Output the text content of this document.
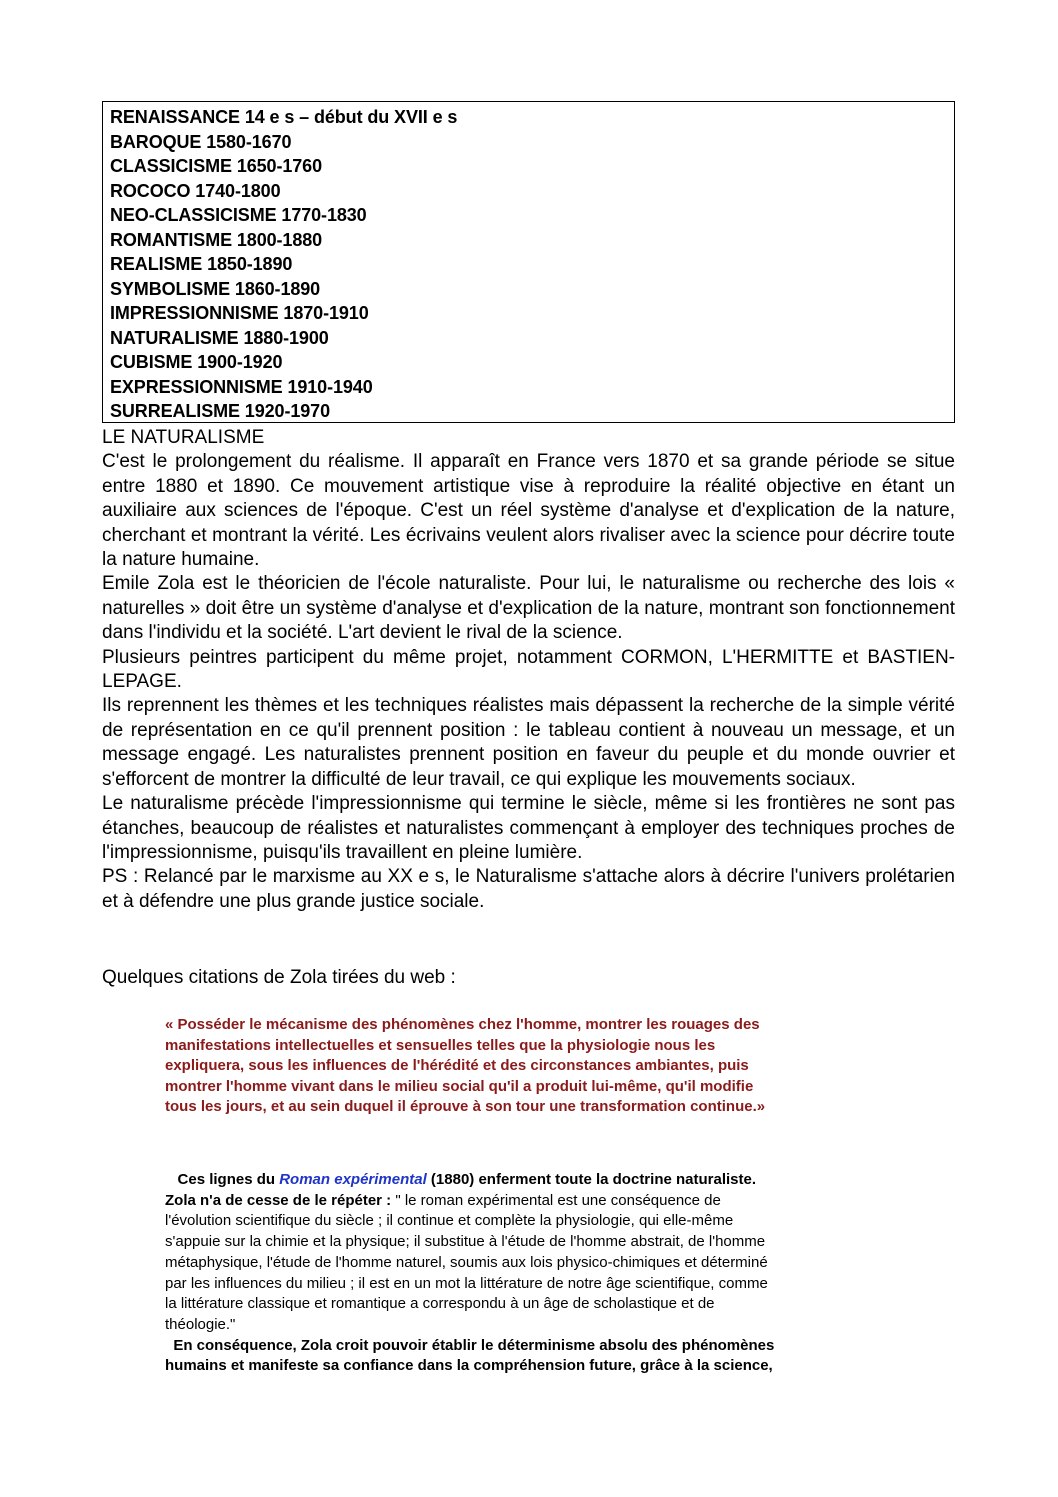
RENAISSANCE 14 e s – début du XVII e s
BAROQUE 1580-1670
CLASSICISME 1650-1760
ROCOCO 1740-1800
NEO-CLASSICISME 1770-1830
ROMANTISME 1800-1880
REALISME 1850-1890
SYMBOLISME 1860-1890
IMPRESSIONNISME 1870-1910
NATURALISME 1880-1900
CUBISME 1900-1920
EXPRESSIONNISME 1910-1940
SURREALISME 1920-1970

LE NATURALISME

C'est le prolongement du réalisme. Il apparaît en France vers 1870 et sa grande période se situe entre 1880 et 1890. Ce mouvement artistique vise à reproduire la réalité objective en étant un auxiliaire aux sciences de l'époque. C'est un réel système d'analyse et d'explication de la nature, cherchant et montrant la vérité. Les écrivains veulent alors rivaliser avec la science pour décrire toute la nature humaine.

Emile Zola est le théoricien de l'école naturaliste. Pour lui, le naturalisme ou recherche des lois « naturelles » doit être un système d'analyse et d'explication de la nature, montrant son fonctionnement dans l'individu et la société. L'art devient le rival de la science.

Plusieurs peintres participent du même projet, notamment CORMON, L'HERMITTE et BASTIEN-LEPAGE.

Ils reprennent les thèmes et les techniques réalistes mais dépassent la recherche de la simple vérité de représentation en ce qu'il prennent position : le tableau contient à nouveau un message, et un message engagé. Les naturalistes prennent position en faveur du peuple et du monde ouvrier et s'efforcent de montrer la difficulté de leur travail, ce qui explique les mouvements sociaux.

Le naturalisme précède l'impressionnisme qui termine le siècle, même si les frontières ne sont pas étanches, beaucoup de réalistes et naturalistes commençant à employer des techniques proches de l'impressionnisme, puisqu'ils travaillent en pleine lumière.

PS : Relancé par le marxisme au XX e s, le Naturalisme s'attache alors à décrire l'univers prolétarien et à défendre une plus grande justice sociale.

Quelques citations de Zola tirées du web :
« Posséder le mécanisme des phénomènes chez l'homme, montrer les rouages des
manifestations intellectuelles et sensuelles telles que la physiologie nous les
expliquera, sous les influences de l'hérédité et des circonstances ambiantes, puis
montrer l'homme vivant dans le milieu social qu'il a produit lui-même, qu'il modifie
tous les jours, et au sein duquel il éprouve à son tour une transformation continue.»
Ces lignes du Roman expérimental (1880) enferment toute la doctrine naturaliste.
Zola n'a de cesse de le répéter : " le roman expérimental est une conséquence de
l'évolution scientifique du siècle ; il continue et complète la physiologie, qui elle-même
s'appuie sur la chimie et la physique; il substitue à l'étude de l'homme abstrait, de l'homme
métaphysique, l'étude de l'homme naturel, soumis aux lois physico-chimiques et déterminé
par les influences du milieu ; il est en un mot la littérature de notre âge scientifique, comme
la littérature classique et romantique a correspondu à un âge de scholastique et de
théologie."
En conséquence, Zola croit pouvoir établir le déterminisme absolu des phénomènes
humains et manifeste sa confiance dans la compréhension future, grâce à la science,
